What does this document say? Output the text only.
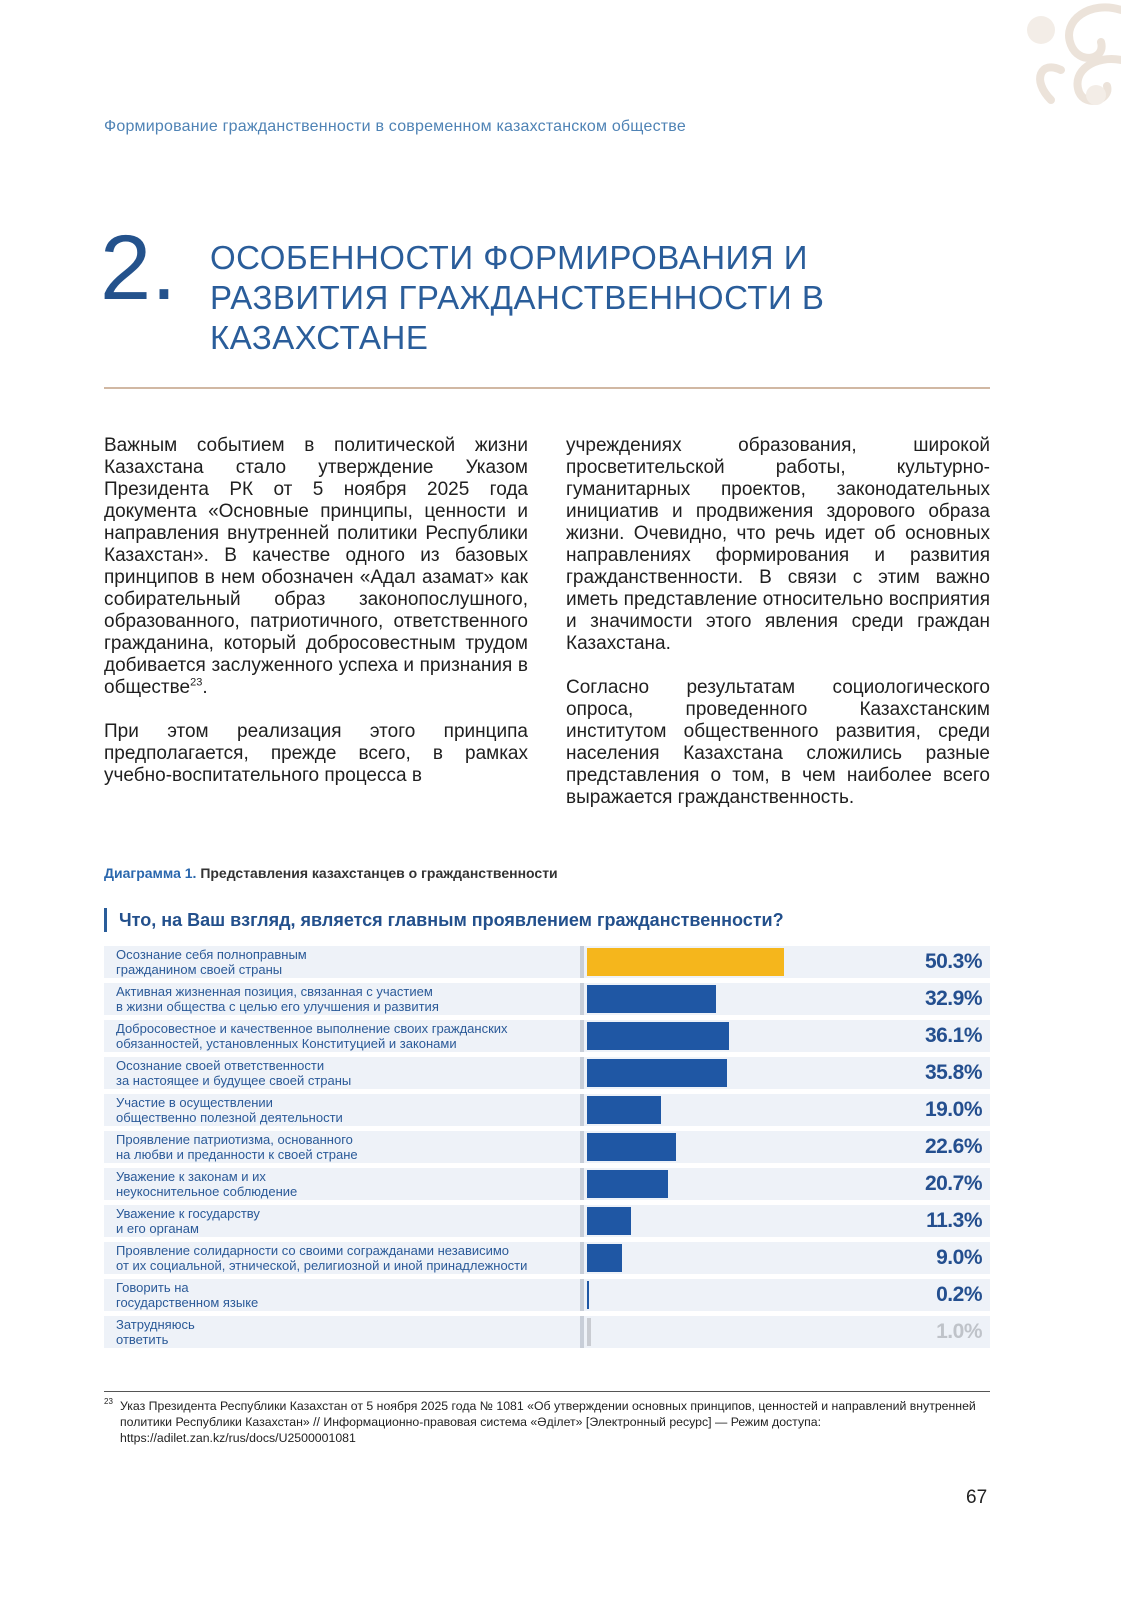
Формирование гражданственности в современном казахстанском обществе
2. ОСОБЕННОСТИ ФОРМИРОВАНИЯ И РАЗВИТИЯ ГРАЖДАНСТВЕННОСТИ В КАЗАХСТАНЕ

Важным событием в политической жизни Казахстана стало утверждение Указом Президента РК от 5 ноября 2025 года документа «Основные принципы, ценности и направления внутренней политики Республики Казахстан». В качестве одного из базовых принципов в нем обозначен «Адал азамат» как собирательный образ законопослушного, образованного, патриотичного, ответственного гражданина, который добросовестным трудом добивается заслуженного успеха и признания в обществе$^{23}$.

При этом реализация этого принципа предполагается, прежде всего, в рамках учебно-воспитательного процесса в

учреждениях образования, широкой просветительской работы, культурно-гуманитарных проектов, законодательных инициатив и продвижения здорового образа жизни. Очевидно, что речь идет об основных направлениях формирования и развития гражданственности. В связи с этим важно иметь представление относительно восприятия и значимости этого явления среди граждан Казахстана.

Согласно результатам социологического опроса, проведенного Казахстанским институтом общественного развития, среди населения Казахстана сложились разные представления о том, в чем наиболее всего выражается гражданственность.

Диаграмма 1. Представления казахстанцев о гражданственности
Что, на Ваш взгляд, является главным проявлением гражданственности?
Осознание себя полноправным
гражданином своей страны	50.3%
Активная жизненная позиция, связанная с участием
в жизни общества с целью его улучшения и развития	32.9%
Добросовестное и качественное выполнение своих гражданских
обязанностей, установленных Конституцией и законами	36.1%
Осознание своей ответственности
за настоящее и будущее своей страны	35.8%
Участие в осуществлении
общественно полезной деятельности	19.0%
Проявление патриотизма, основанного
на любви и преданности к своей стране	22.6%
Уважение к законам и их
неукоснительное соблюдение	20.7%
Уважение к государству
и его органам	11.3%
Проявление солидарности со своими согражданами независимо
от их социальной, этнической, религиозной и иной принадлежности	9.0%
Говорить на
государственном языке	0.2%
Затрудняюсь
ответить	1.0%
23 Указ Президента Республики Казахстан от 5 ноября 2025 года № 1081 «Об утверждении основных принципов, ценностей и направлений внутренней политики Республики Казахстан» // Информационно-правовая система «Әділет» [Электронный ресурс] — Режим доступа: https://adilet.zan.kz/rus/docs/U2500001081
67
